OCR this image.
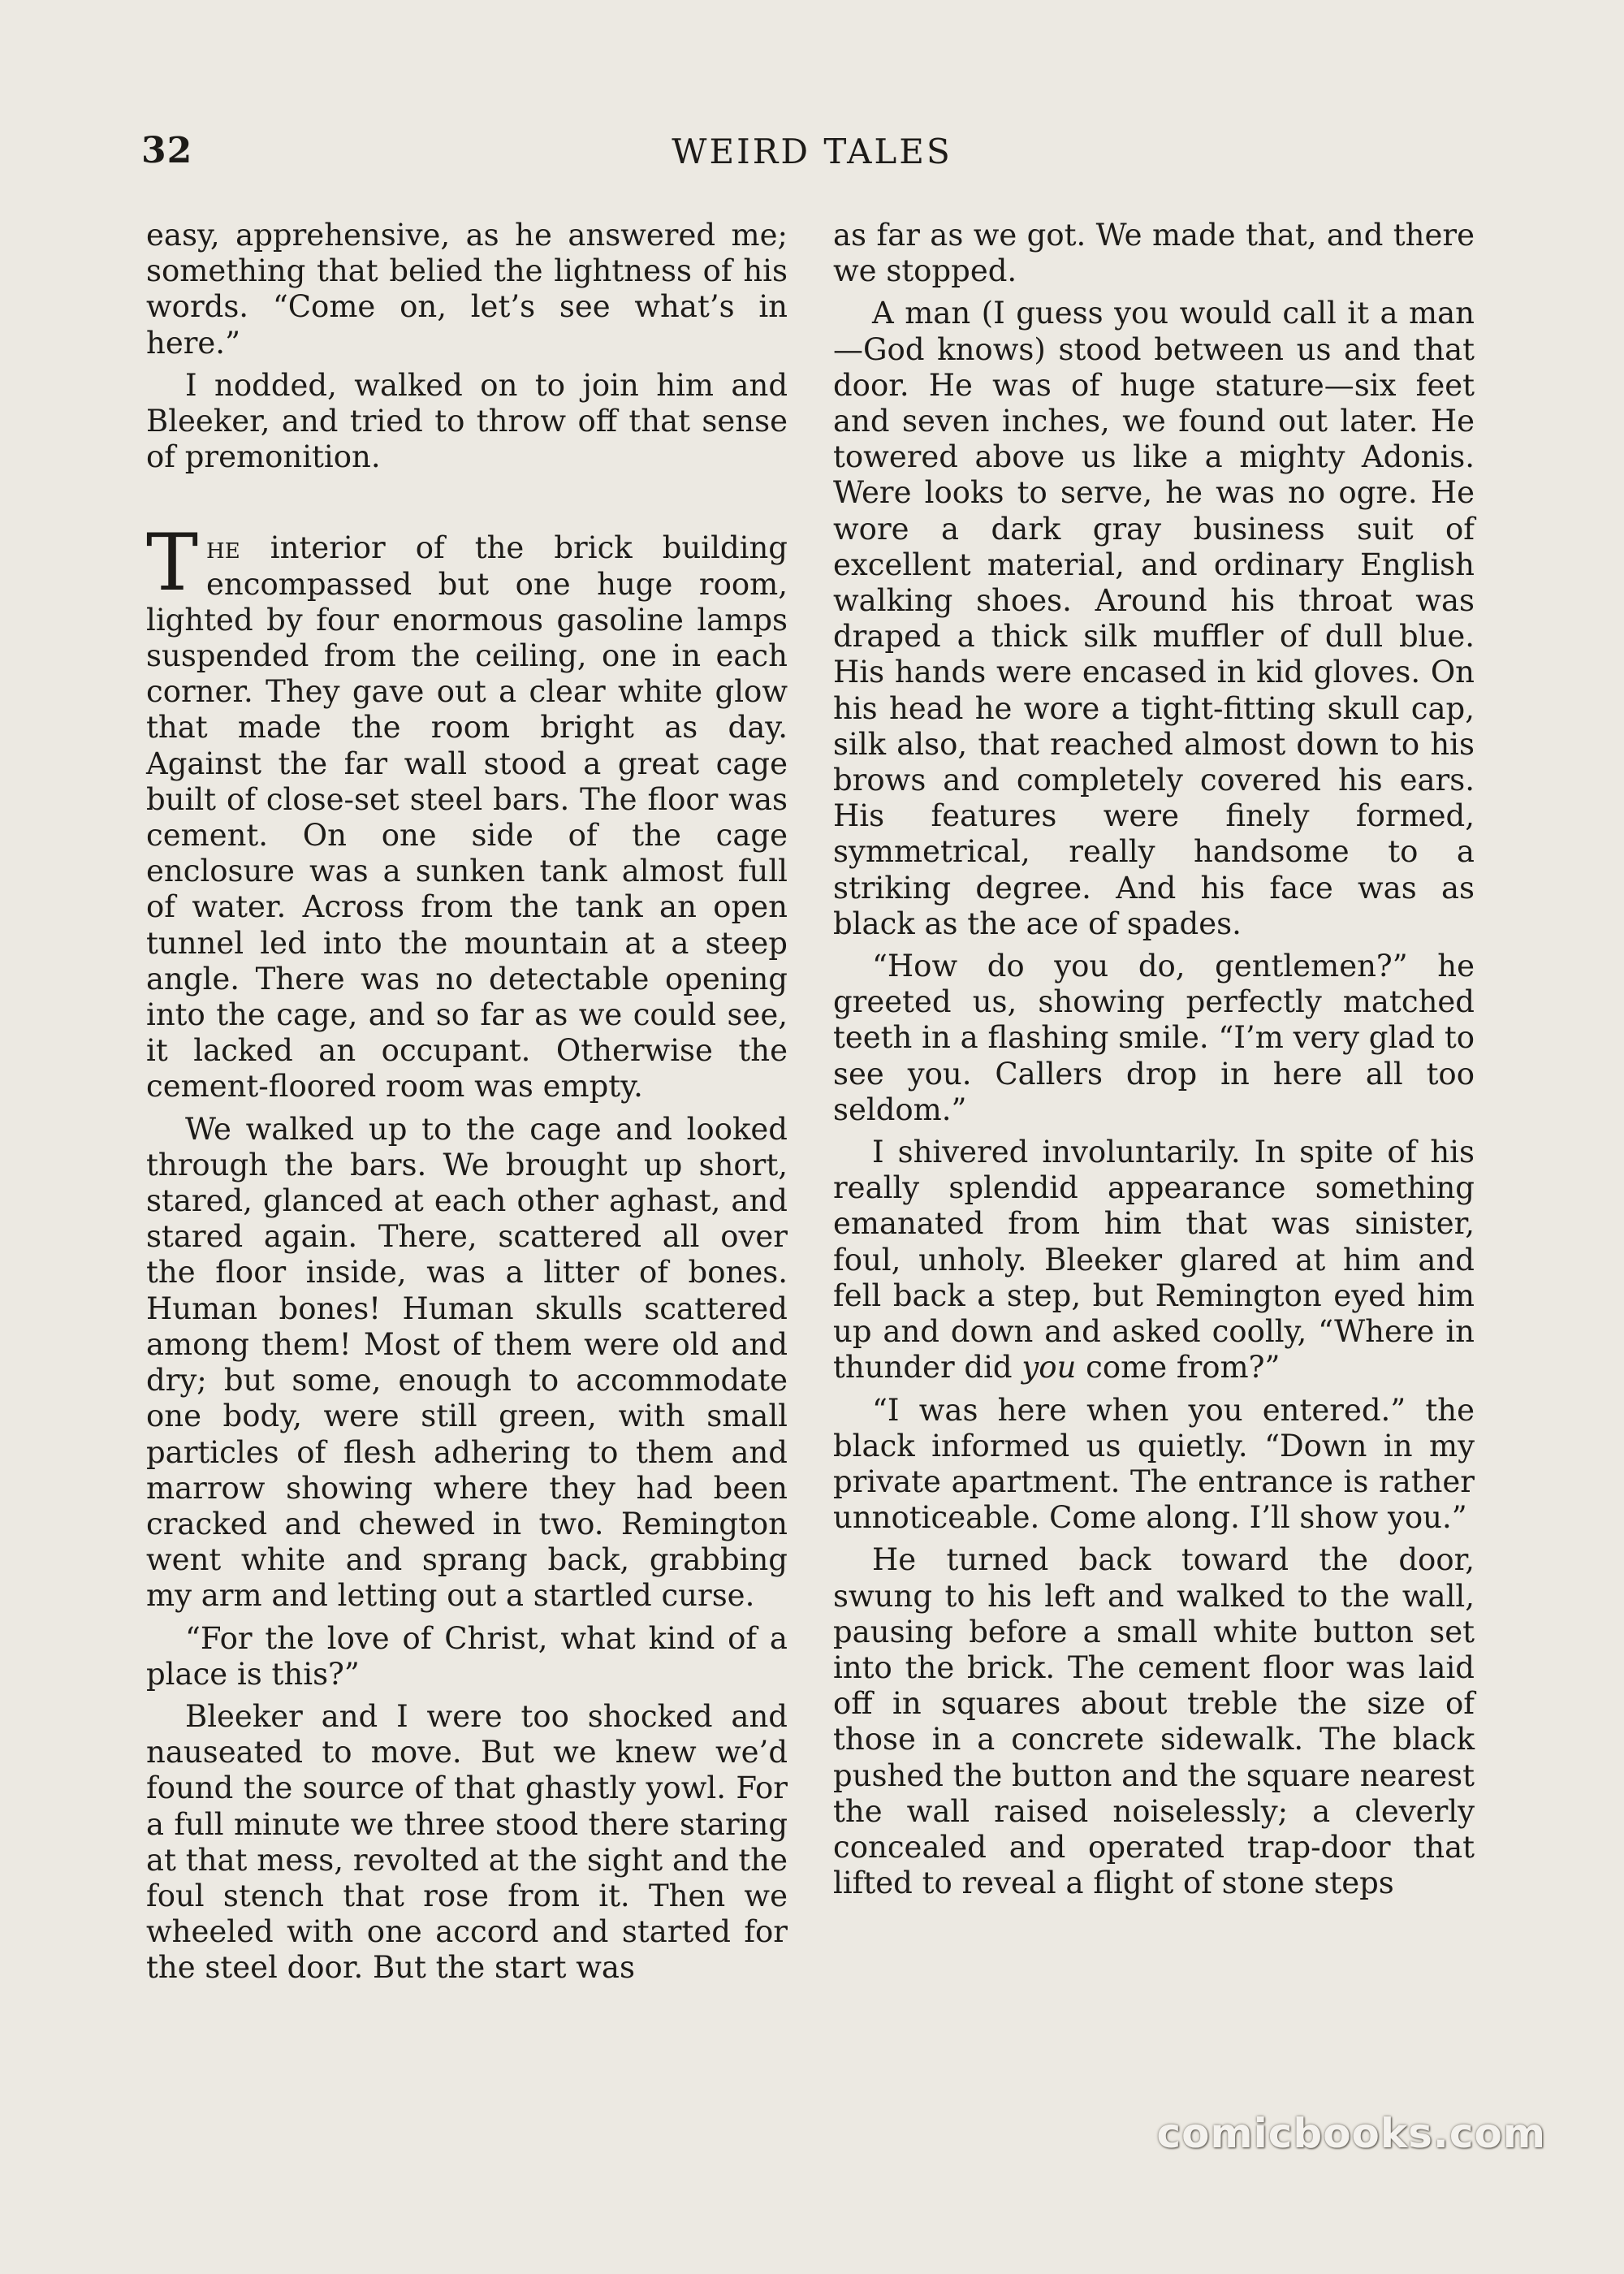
32	WEIRD TALES

easy, apprehensive, as he answered me; something that belied the lightness of his words. “Come on, let’s see what’s in here.”

I nodded, walked on to join him and Bleeker, and tried to throw off that sense of premonition.

The interior of the brick building encompassed but one huge room, lighted by four enormous gasoline lamps suspended from the ceiling, one in each corner. They gave out a clear white glow that made the room bright as day. Against the far wall stood a great cage built of close-set steel bars. The floor was cement. On one side of the cage enclosure was a sunken tank almost full of water. Across from the tank an open tunnel led into the mountain at a steep angle. There was no detectable opening into the cage, and so far as we could see, it lacked an occupant. Otherwise the cement-floored room was empty.

We walked up to the cage and looked through the bars. We brought up short, stared, glanced at each other aghast, and stared again. There, scattered all over the floor inside, was a litter of bones. Human bones! Human skulls scattered among them! Most of them were old and dry; but some, enough to accommodate one body, were still green, with small particles of flesh adhering to them and marrow showing where they had been cracked and chewed in two. Remington went white and sprang back, grabbing my arm and letting out a startled curse.

“For the love of Christ, what kind of a place is this?”

Bleeker and I were too shocked and nauseated to move. But we knew we’d found the source of that ghastly yowl. For a full minute we three stood there staring at that mess, revolted at the sight and the foul stench that rose from it. Then we wheeled with one accord and started for the steel door. But the start was

as far as we got. We made that, and there we stopped.

A man (I guess you would call it a man—God knows) stood between us and that door. He was of huge stature—six feet and seven inches, we found out later. He towered above us like a mighty Adonis. Were looks to serve, he was no ogre. He wore a dark gray business suit of excellent material, and ordinary English walking shoes. Around his throat was draped a thick silk muffler of dull blue. His hands were encased in kid gloves. On his head he wore a tight-fitting skull cap, silk also, that reached almost down to his brows and completely covered his ears. His features were finely formed, symmetrical, really handsome to a striking degree. And his face was as black as the ace of spades.

“How do you do, gentlemen?” he greeted us, showing perfectly matched teeth in a flashing smile. “I’m very glad to see you. Callers drop in here all too seldom.”

I shivered involuntarily. In spite of his really splendid appearance something emanated from him that was sinister, foul, unholy. Bleeker glared at him and fell back a step, but Remington eyed him up and down and asked coolly, “Where in thunder did you come from?”

“I was here when you entered.” the black informed us quietly. “Down in my private apartment. The entrance is rather unnoticeable. Come along. I’ll show you.”

He turned back toward the door, swung to his left and walked to the wall, pausing before a small white button set into the brick. The cement floor was laid off in squares about treble the size of those in a concrete sidewalk. The black pushed the button and the square nearest the wall raised noiselessly; a cleverly concealed and operated trap-door that lifted to reveal a flight of stone steps

comicbooks.com
